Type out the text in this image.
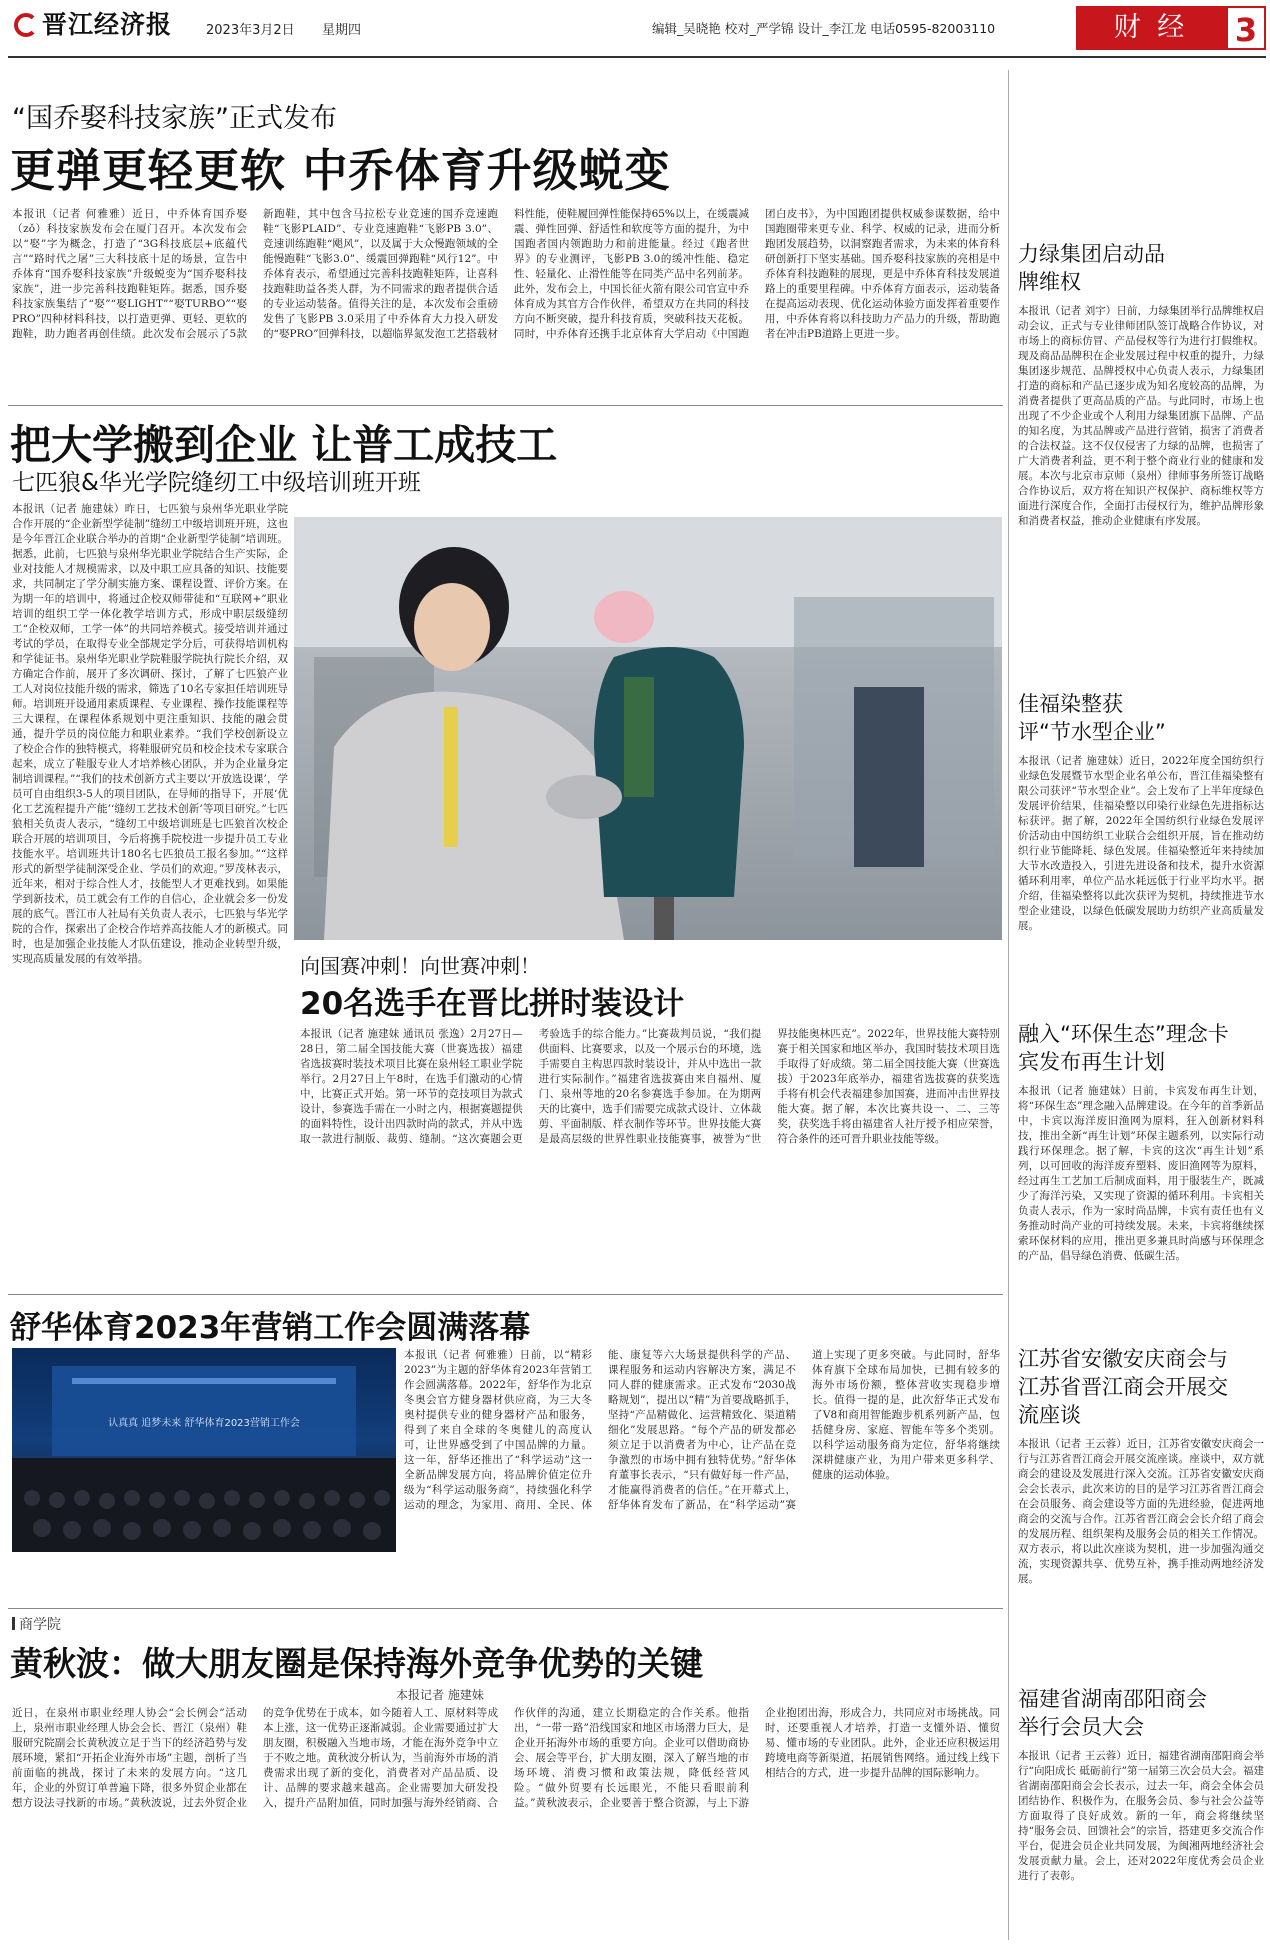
晋江经济报	2023年3月2日 星期四	编辑_吴晓艳 校对_严学锦 设计_李江龙 电话0595-82003110	财 经	3
“国乔娶科技家族”正式发布
更弹更轻更软 中乔体育升级蜕变
本报讯（记者 何雅雅）近日，中乔体育国乔娶（zǒ）科技家族发布会在厦门召开。本次发布会以“娶”字为概念，打造了“3G科技底层+底蕴代言”“路时代之屠”三大科技底十足的场景，宣告中乔体育“国乔娶科技家族”升级蜕变为“国乔娶科技家族”，进一步完善科技跑鞋矩阵。据悉，国乔娶科技家族集结了“娶”“娶LIGHT”“娶TURBO”“娶PRO”四种材料科技，以打造更弹、更轻、更软的跑鞋，助力跑者再创佳绩。此次发布会展示了5款新跑鞋，其中包含马拉松专业竞速的国乔竞速跑鞋“飞影PLAID”、专业竞速跑鞋“飞影PB 3.0”、竞速训练跑鞋“飓风”，以及属于大众慢跑领域的全能慢跑鞋“飞影3.0”、缓震回弹跑鞋“风行12”。中乔体育表示，希望通过完善科技跑鞋矩阵，让喜科技跑鞋助益各类人群，为不同需求的跑者提供合适的专业运动装备。值得关注的是，本次发布会重磅发售了飞影PB 3.0采用了中乔体育大力投入研发的“娶PRO”回弹科技，以超临界氮发泡工艺搭载材料性能，使鞋履回弹性能保持65%以上，在缓震减震、弹性回弹、舒适性和软度等方面的提升，为中国跑者国内领跑助力和前进能量。经过《跑者世界》的专业测评，飞影PB 3.0的缓冲性能、稳定性、轻量化、止滑性能等在同类产品中名列前茅。此外，发布会上，中国长征火箭有限公司官宣中乔体育成为其官方合作伙伴，希望双方在共同的科技方向不断突破，提升科技育质，突破科技天花板。同时，中乔体育还携手北京体育大学启动《中国跑团白皮书》，为中国跑团提供权威参谋数据，给中国跑圈带来更专业、科学、权威的记录，进而分析跑团发展趋势，以洞察跑者需求，为未来的体育科研创新打下坚实基础。国乔娶科技家族的亮相是中乔体育科技跑鞋的展现，更是中乔体育科技发展道路上的重要里程碑。中乔体育方面表示，运动装备在提高运动表现、优化运动体验方面发挥着重要作用，中乔体育将以科技助力产品力的升级，帮助跑者在冲击PB道路上更进一步。
把大学搬到企业 让普工成技工
七匹狼&华光学院缝纫工中级培训班开班
本报讯（记者 施建妹）昨日，七匹狼与泉州华光职业学院合作开展的“企业新型学徒制”缝纫工中级培训班开班，这也是今年晋江企业联合举办的首期“企业新型学徒制”培训班。据悉，此前，七匹狼与泉州华光职业学院结合生产实际，企业对技能人才规模需求，以及中职工应具备的知识、技能要求，共同制定了学分制实施方案、课程设置、评价方案。在为期一年的培训中，将通过企校双师带徒和“互联网+”职业培训的组织工学一体化教学培训方式，形成中职层级缝纫工“企校双师，工学一体”的共同培养模式。接受培训并通过考试的学员，在取得专业全部规定学分后，可获得培训机构和学徒证书。泉州华光职业学院鞋服学院执行院长介绍，双方确定合作前，展开了多次调研、探讨，了解了七匹狼产业工人对岗位技能升级的需求，筛选了10名专家担任培训班导师。培训班开设通用素质课程、专业课程、操作技能课程等三大课程，在课程体系规划中更注重知识、技能的融会贯通，提升学员的岗位能力和职业素养。“我们学校创新设立了校企合作的独特模式，将鞋服研究员和校企技术专家联合起来，成立了鞋服专业人才培养核心团队，并为企业量身定制培训课程。”“我们的技术创新方式主要以‘开放选设课’，学员可自由组织3-5人的项目团队，在导师的指导下，开展‘优化工艺流程提升产能’‘缝纫工艺技术创新’等项目研究。”七匹狼相关负责人表示，“缝纫工中级培训班是七匹狼首次校企联合开展的培训项目，今后将携手院校进一步提升员工专业技能水平。培训班共计180名七匹狼员工报名参加。”“这样形式的新型学徒制深受企业、学员们的欢迎。”罗茂林表示，近年来，相对于综合性人才，技能型人才更难找到。如果能学到新技术，员工就会有工作的自信心，企业就会多一份发展的底气。晋江市人社局有关负责人表示，七匹狼与华光学院的合作，探索出了企校合作培养高技能人才的新模式。同时，也是加强企业技能人才队伍建设，推动企业转型升级，实现高质量发展的有效举措。	向国赛冲刺！向世赛冲刺！
20名选手在晋比拼时装设计
本报讯（记者 施建妹 通讯员 张逸）2月27日—28日，第二届全国技能大赛（世赛选拔）福建省选拔赛时装技术项目比赛在泉州轻工职业学院举行。2月27日上午8时，在选手们激动的心情中，比赛正式开始。第一环节的竞技项目为款式设计，参赛选手需在一小时之内，根据赛题提供的面料特性，设计出四款时尚的款式，并从中选取一款进行制版、裁剪、缝制。“这次赛题会更考验选手的综合能力。”比赛裁判员说，“我们提供面料、比赛要求，以及一个展示台的环境，选手需要自主构思四款时装设计，并从中选出一款进行实际制作。”福建省选拔赛由来自福州、厦门、泉州等地的20名参赛选手参加。在为期两天的比赛中，选手们需要完成款式设计、立体裁剪、平面制版、样衣制作等环节。世界技能大赛是最高层级的世界性职业技能赛事，被誉为“世界技能奥林匹克”。2022年，世界技能大赛特别赛于相关国家和地区举办，我国时装技术项目选手取得了好成绩。第二届全国技能大赛（世赛选拔）于2023年底举办，福建省选拔赛的获奖选手将有机会代表福建参加国赛，进而冲击世界技能大赛。据了解，本次比赛共设一、二、三等奖，获奖选手将由福建省人社厅授予相应荣誉，符合条件的还可晋升职业技能等级。
舒华体育2023年营销工作会圆满落幕
认真真 追梦未来 舒华体育2023营销工作会
本报讯（记者 何雅雅）日前，以“精彩2023”为主题的舒华体育2023年营销工作会圆满落幕。2022年，舒华作为北京冬奥会官方健身器材供应商，为三大冬奥村提供专业的健身器材产品和服务，得到了来自全球的冬奥健儿的高度认可，让世界感受到了中国品牌的力量。这一年，舒华还推出了“科学运动”这一全新品牌发展方向，将品牌价值定位升级为“科学运动服务商”，持续强化科学运动的理念，为家用、商用、全民、体能、康复等六大场景提供科学的产品、课程服务和运动内容解决方案，满足不同人群的健康需求。正式发布“2030战略规划”，提出以“精”为首要战略抓手，坚持“产品精做化、运营精致化、渠道精细化”发展思路。“每个产品的研发都必须立足于以消费者为中心，让产品在竞争激烈的市场中拥有独特优势。”舒华体育董事长表示，“只有做好每一件产品，才能赢得消费者的信任。”在开幕式上，舒华体育发布了新品，在“科学运动”赛道上实现了更多突破。与此同时，舒华体育旗下全球布局加快，已拥有较多的海外市场份额，整体营收实现稳步增长。值得一提的是，此次舒华正式发布了V8和商用智能跑步机系列新产品，包括健身房、家庭、智能车等多个类别。以科学运动服务商为定位，舒华将继续深耕健康产业，为用户带来更多科学、健康的运动体验。
商学院
黄秋波：做大朋友圈是保持海外竞争优势的关键
本报记者 施建妹
近日，在泉州市职业经理人协会“会长例会”活动上，泉州市职业经理人协会会长、晋江（泉州）鞋服研究院副会长黄秋波立足于当下的经济趋势与发展环境，紧扣“开拓企业海外市场”主题，剖析了当前面临的挑战，探讨了未来的发展方向。“这几年，企业的外贸订单普遍下降，很多外贸企业都在想方设法寻找新的市场。”黄秋波说，过去外贸企业的竞争优势在于成本，如今随着人工、原材料等成本上涨，这一优势正逐渐减弱。企业需要通过扩大朋友圈，积极融入当地市场，才能在海外竞争中立于不败之地。黄秋波分析认为，当前海外市场的消费需求出现了新的变化，消费者对产品品质、设计、品牌的要求越来越高。企业需要加大研发投入，提升产品附加值，同时加强与海外经销商、合作伙伴的沟通，建立长期稳定的合作关系。他指出，“一带一路”沿线国家和地区市场潜力巨大，是企业开拓海外市场的重要方向。企业可以借助商协会、展会等平台，扩大朋友圈，深入了解当地的市场环境、消费习惯和政策法规，降低经营风险。“做外贸要有长远眼光，不能只看眼前利益。”黄秋波表示，企业要善于整合资源，与上下游企业抱团出海，形成合力，共同应对市场挑战。同时，还要重视人才培养，打造一支懂外语、懂贸易、懂市场的专业团队。此外，企业还应积极运用跨境电商等新渠道，拓展销售网络。通过线上线下相结合的方式，进一步提升品牌的国际影响力。
力绿集团启动品牌维权
本报讯（记者 刘宇）日前，力绿集团举行品牌维权启动会议，正式与专业律师团队签订战略合作协议，对市场上的商标仿冒、产品侵权等行为进行打假维权。现及商品品牌积在企业发展过程中权重的提升，力绿集团逐步规范、品牌授权中心负责人表示，力绿集团打造的商标和产品已逐步成为知名度较高的品牌，为消费者提供了更高品质的产品。与此同时，市场上也出现了不少企业或个人利用力绿集团旗下品牌、产品的知名度，为其品牌或产品进行营销，损害了消费者的合法权益。这不仅仅侵害了力绿的品牌，也损害了广大消费者利益，更不利于整个商业行业的健康和发展。本次与北京市京师（泉州）律师事务所签订战略合作协议后，双方将在知识产权保护、商标维权等方面进行深度合作，全面打击侵权行为，维护品牌形象和消费者权益，推动企业健康有序发展。
佳福染整获评“节水型企业”
本报讯（记者 施建妹）近日，2022年度全国纺织行业绿色发展暨节水型企业名单公布，晋江佳福染整有限公司获评“节水型企业”。会上发布了上半年度绿色发展评价结果，佳福染整以印染行业绿色先进指标达标获评。据了解，2022年全国纺织行业绿色发展评价活动由中国纺织工业联合会组织开展，旨在推动纺织行业节能降耗、绿色发展。佳福染整近年来持续加大节水改造投入，引进先进设备和技术，提升水资源循环利用率，单位产品水耗远低于行业平均水平。据介绍，佳福染整将以此次获评为契机，持续推进节水型企业建设，以绿色低碳发展助力纺织产业高质量发展。
融入“环保生态”理念卡宾发布再生计划
本报讯（记者 施建妹）日前，卡宾发布再生计划，将“环保生态”理念融入品牌建设。在今年的首季新品中，卡宾以海洋废旧渔网为原料，狂入创新材料科技，推出全新“再生计划”环保主题系列，以实际行动践行环保理念。据了解，卡宾的这次“再生计划”系列，以可回收的海洋废弃塑料、废旧渔网等为原料，经过再生工艺加工后制成面料，用于服装生产，既减少了海洋污染，又实现了资源的循环利用。卡宾相关负责人表示，作为一家时尚品牌，卡宾有责任也有义务推动时尚产业的可持续发展。未来，卡宾将继续探索环保材料的应用，推出更多兼具时尚感与环保理念的产品，倡导绿色消费、低碳生活。
江苏省安徽安庆商会与江苏省晋江商会开展交流座谈
本报讯（记者 王云蓉）近日，江苏省安徽安庆商会一行与江苏省晋江商会开展交流座谈。座谈中，双方就商会的建设及发展进行深入交流。江苏省安徽安庆商会会长表示，此次来访的目的是学习江苏省晋江商会在会员服务、商会建设等方面的先进经验，促进两地商会的交流与合作。江苏省晋江商会会长介绍了商会的发展历程、组织架构及服务会员的相关工作情况。双方表示，将以此次座谈为契机，进一步加强沟通交流，实现资源共享、优势互补，携手推动两地经济发展。
福建省湖南邵阳商会举行会员大会
本报讯（记者 王云蓉）近日，福建省湖南邵阳商会举行“向阳成长 砥砺前行”第一届第三次会员大会。福建省湖南邵阳商会会长表示，过去一年，商会全体会员团结协作、积极作为，在服务会员、参与社会公益等方面取得了良好成效。新的一年，商会将继续坚持“服务会员、回馈社会”的宗旨，搭建更多交流合作平台，促进会员企业共同发展，为闽湘两地经济社会发展贡献力量。会上，还对2022年度优秀会员企业进行了表彰。
